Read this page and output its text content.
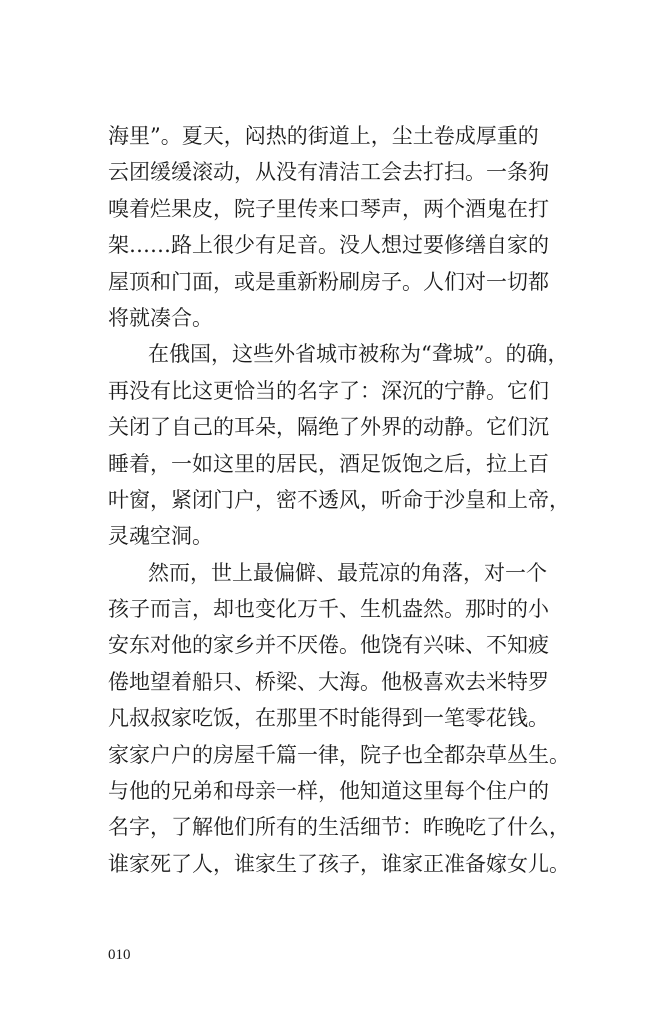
海里”。夏天，闷热的街道上，尘土卷成厚重的
云团缓缓滚动，从没有清洁工会去打扫。一条狗
嗅着烂果皮，院子里传来口琴声，两个酒鬼在打
架……路上很少有足音。没人想过要修缮自家的
屋顶和门面，或是重新粉刷房子。人们对一切都
将就凑合。
在俄国，这些外省城市被称为“聋城”。的确，
再没有比这更恰当的名字了：深沉的宁静。它们
关闭了自己的耳朵，隔绝了外界的动静。它们沉
睡着，一如这里的居民，酒足饭饱之后，拉上百
叶窗，紧闭门户，密不透风，听命于沙皇和上帝，
灵魂空洞。
然而，世上最偏僻、最荒凉的角落，对一个
孩子而言，却也变化万千、生机盎然。那时的小
安东对他的家乡并不厌倦。他饶有兴味、不知疲
倦地望着船只、桥梁、大海。他极喜欢去米特罗
凡叔叔家吃饭，在那里不时能得到一笔零花钱。
家家户户的房屋千篇一律，院子也全都杂草丛生。
与他的兄弟和母亲一样，他知道这里每个住户的
名字，了解他们所有的生活细节：昨晚吃了什么，
谁家死了人，谁家生了孩子，谁家正准备嫁女儿。
010
